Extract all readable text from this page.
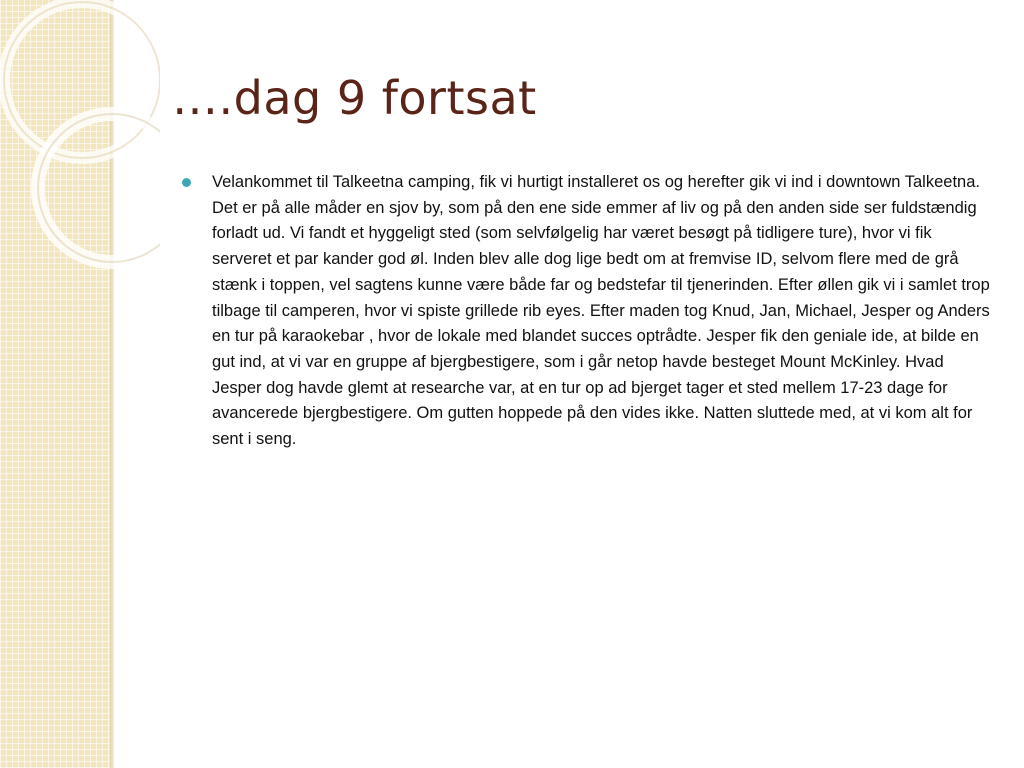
….dag 9 fortsat

Velankommet til Talkeetna camping, fik vi hurtigt installeret os og herefter gik vi ind i downtown Talkeetna. Det er på alle måder en sjov by, som på den ene side emmer af liv og på den anden side ser fuldstændig forladt ud. Vi fandt et hyggeligt sted (som selvfølgelig har været besøgt på tidligere ture), hvor vi fik serveret et par kander god øl. Inden blev alle dog lige bedt om at fremvise ID, selvom flere med de grå stænk i toppen, vel sagtens kunne være både far og bedstefar til tjenerinden. Efter øllen gik vi i samlet trop tilbage til camperen, hvor vi spiste grillede rib eyes. Efter maden tog Knud, Jan, Michael, Jesper og Anders en tur på karaokebar , hvor de lokale med blandet succes optrådte. Jesper fik den geniale ide, at bilde en gut ind, at vi var en gruppe af bjergbestigere, som i går netop havde besteget Mount McKinley. Hvad Jesper dog havde glemt at researche var, at en tur op ad bjerget tager et sted mellem 17-23 dage for avancerede bjergbestigere. Om gutten hoppede på den vides ikke. Natten sluttede med, at vi kom alt for sent i seng.
